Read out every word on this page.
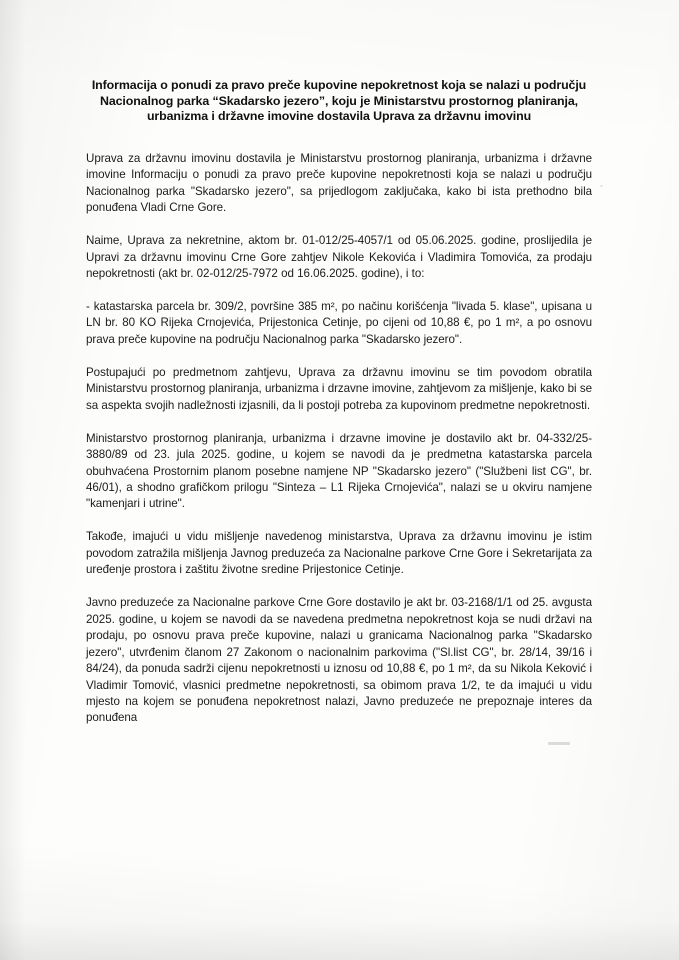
Informacija o ponudi za pravo preče kupovine nepokretnost koja se nalazi u području Nacionalnog parka “Skadarsko jezero”, koju je Ministarstvu prostornog planiranja, urbanizma i državne imovine dostavila Uprava za državnu imovinu

Uprava za državnu imovinu dostavila je Ministarstvu prostornog planiranja, urbanizma i državne imovine Informaciju o ponudi za pravo preče kupovine nepokretnosti koja se nalazi u području Nacionalnog parka "Skadarsko jezero", sa prijedlogom zaključaka, kako bi ista prethodno bila ponuđena Vladi Crne Gore.

Naime, Uprava za nekretnine, aktom br. 01-012/25-4057/1 od 05.06.2025. godine, proslijedila je Upravi za državnu imovinu Crne Gore zahtjev Nikole Kekovića i Vladimira Tomovića, za prodaju nepokretnosti (akt br. 02-012/25-7972 od 16.06.2025. godine), i to:

- katastarska parcela br. 309/2, površine 385 m², po načinu korišćenja "livada 5. klase", upisana u LN br. 80 KO Rijeka Crnojevića, Prijestonica Cetinje, po cijeni od 10,88 €, po 1 m², a po osnovu prava preče kupovine na području Nacionalnog parka "Skadarsko jezero".

Postupajući po predmetnom zahtjevu, Uprava za državnu imovinu se tim povodom obratila Ministarstvu prostornog planiranja, urbanizma i drzavne imovine, zahtjevom za mišljenje, kako bi se sa aspekta svojih nadležnosti izjasnili, da li postoji potreba za kupovinom predmetne nepokretnosti.

Ministarstvo prostornog planiranja, urbanizma i drzavne imovine je dostavilo akt br. 04-332/25-3880/89 od 23. jula 2025. godine, u kojem se navodi da je predmetna katastarska parcela obuhvaćena Prostornim planom posebne namjene NP "Skadarsko jezero" ("Službeni list CG", br. 46/01), a shodno grafičkom prilogu "Sinteza – L1 Rijeka Crnojevića", nalazi se u okviru namjene "kamenjari i utrine".

Takođe, imajući u vidu mišljenje navedenog ministarstva, Uprava za državnu imovinu je istim povodom zatražila mišljenja Javnog preduzeća za Nacionalne parkove Crne Gore i Sekretarijata za uređenje prostora i zaštitu životne sredine Prijestonice Cetinje.

Javno preduzeće za Nacionalne parkove Crne Gore dostavilo je akt br. 03-2168/1/1 od 25. avgusta 2025. godine, u kojem se navodi da se navedena predmetna nepokretnost koja se nudi državi na prodaju, po osnovu prava preče kupovine, nalazi u granicama Nacionalnog parka "Skadarsko jezero", utvrđenim članom 27 Zakonom o nacionalnim parkovima ("Sl.list CG", br. 28/14, 39/16 i 84/24), da ponuda sadrži cijenu nepokretnosti u iznosu od 10,88 €, po 1 m², da su Nikola Keković i Vladimir Tomović, vlasnici predmetne nepokretnosti, sa obimom prava 1/2, te da imajući u vidu mjesto na kojem se ponuđena nepokretnost nalazi, Javno preduzeće ne prepoznaje interes da ponuđena
